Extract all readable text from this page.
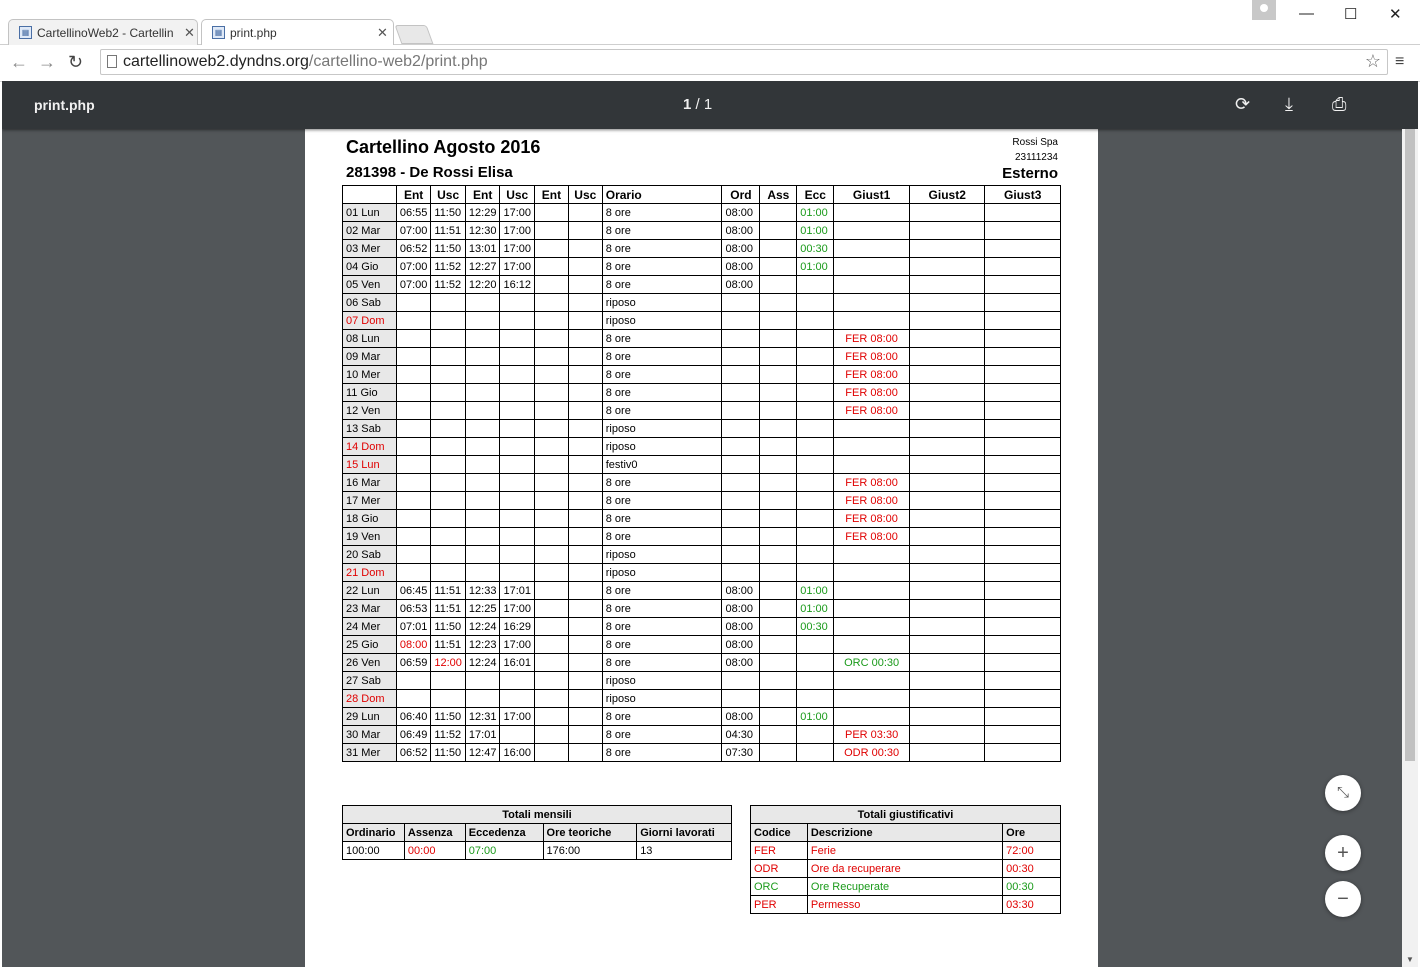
▦ CartellinoWeb2 - Cartellin ✕	▦ print.php	✕
— ☐ ✕
← → ↻ cartellinoweb2.dyndns.org/cartellino-web2/print.php	☆ ≡
Cartellino Agosto 2016
281398 - De Rossi Elisa
Rossi Spa
23111234
Esterno
	Ent	Usc	Ent	Usc	Ent	Usc	Orario	Ord	Ass	Ecc	Giust1	Giust2	Giust3
01 Lun	06:55	11:50	12:29	17:00			8 ore	08:00		01:00			
02 Mar	07:00	11:51	12:30	17:00			8 ore	08:00		01:00			
03 Mer	06:52	11:50	13:01	17:00			8 ore	08:00		00:30			
04 Gio	07:00	11:52	12:27	17:00			8 ore	08:00		01:00			
05 Ven	07:00	11:52	12:20	16:12			8 ore	08:00					
06 Sab							riposo						
07 Dom							riposo						
08 Lun							8 ore				FER 08:00		
09 Mar							8 ore				FER 08:00		
10 Mer							8 ore				FER 08:00		
11 Gio							8 ore				FER 08:00		
12 Ven							8 ore				FER 08:00		
13 Sab							riposo						
14 Dom							riposo						
15 Lun							festiv0						
16 Mar							8 ore				FER 08:00		
17 Mer							8 ore				FER 08:00		
18 Gio							8 ore				FER 08:00		
19 Ven							8 ore				FER 08:00		
20 Sab							riposo						
21 Dom							riposo						
22 Lun	06:45	11:51	12:33	17:01			8 ore	08:00		01:00			
23 Mar	06:53	11:51	12:25	17:00			8 ore	08:00		01:00			
24 Mer	07:01	11:50	12:24	16:29			8 ore	08:00		00:30			
25 Gio	08:00	11:51	12:23	17:00			8 ore	08:00					
26 Ven	06:59	12:00	12:24	16:01			8 ore	08:00			ORC 00:30		
27 Sab							riposo						
28 Dom							riposo						
29 Lun	06:40	11:50	12:31	17:00			8 ore	08:00		01:00			
30 Mar	06:49	11:52	17:01				8 ore	04:30			PER 03:30		
31 Mer	06:52	11:50	12:47	16:00			8 ore	07:30			ODR 00:30		
Totali mensili				
Ordinario	Assenza	Eccedenza	Ore teoriche	Giorni lavorati
100:00	00:00	07:00	176:00	13
Totali giustificativi		
Codice	Descrizione	Ore
FER	Ferie	72:00
ODR	Ore da recuperare	00:30
ORC	Ore Recuperate	00:30
PER	Permesso	03:30
print.php	1 / 1	⟳ ⤓ ⎙
▼
⤡
+
−
